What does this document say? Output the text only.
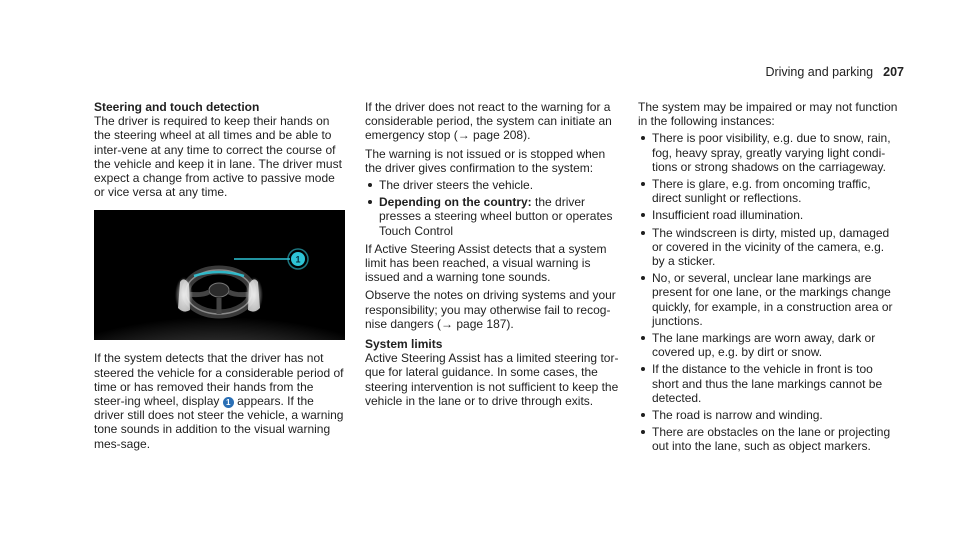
Driving and parking 207

Steering and touch detection

The driver is required to keep their hands on the steering wheel at all times and be able to inter-vene at any time to correct the course of the vehicle and keep it in lane. The driver must expect a change from active to passive mode or vice versa at any time.

1

If the system detects that the driver has not steered the vehicle for a considerable period of time or has removed their hands from the steer-ing wheel, display 1 appears. If the driver still does not steer the vehicle, a warning tone sounds in addition to the visual warning mes-sage.

If the driver does not react to the warning for a considerable period, the system can initiate an emergency stop (→ page 208).

The warning is not issued or is stopped when the driver gives confirmation to the system:

The driver steers the vehicle.
Depending on the country: the driver presses a steering wheel button or operates Touch Control

If Active Steering Assist detects that a system limit has been reached, a visual warning is issued and a warning tone sounds.

Observe the notes on driving systems and your responsibility; you may otherwise fail to recog-nise dangers (→ page 187).

System limits

Active Steering Assist has a limited steering tor-que for lateral guidance. In some cases, the steering intervention is not sufficient to keep the vehicle in the lane or to drive through exits.

The system may be impaired or may not function in the following instances:

There is poor visibility, e.g. due to snow, rain, fog, heavy spray, greatly varying light condi-tions or strong shadows on the carriageway.
There is glare, e.g. from oncoming traffic, direct sunlight or reflections.
Insufficient road illumination.
The windscreen is dirty, misted up, damaged or covered in the vicinity of the camera, e.g. by a sticker.
No, or several, unclear lane markings are present for one lane, or the markings change quickly, for example, in a construction area or junctions.
The lane markings are worn away, dark or covered up, e.g. by dirt or snow.
If the distance to the vehicle in front is too short and thus the lane markings cannot be detected.
The road is narrow and winding.
There are obstacles on the lane or projecting out into the lane, such as object markers.
